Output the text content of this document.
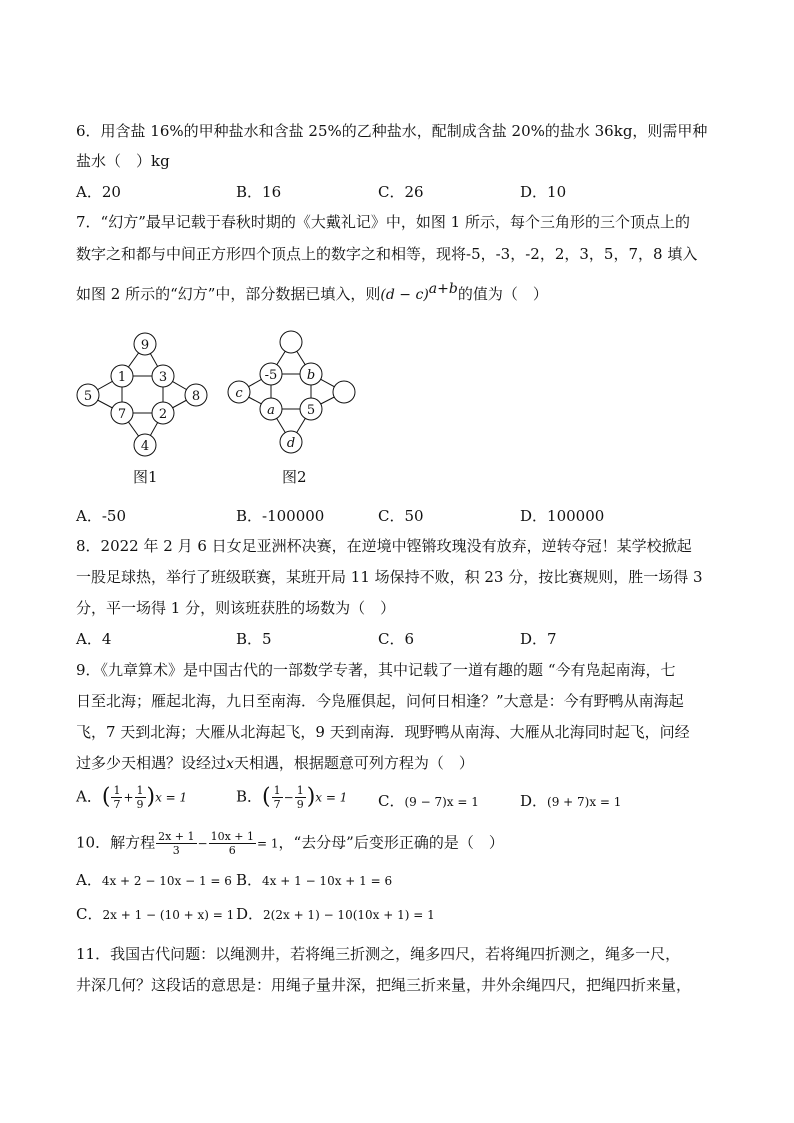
6．用含盐 16%的甲种盐水和含盐 25%的乙种盐水，配制成含盐 20%的盐水 36kg，则需甲种
盐水（　）kg
A．20	B．16	C．26	D．10
7．“幻方”最早记载于春秋时期的《大戴礼记》中，如图 1 所示，每个三角形的三个顶点上的
数字之和都与中间正方形四个顶点上的数字之和相等，现将-5，-3，-2，2，3，5，7，8 填入
如图 2 所示的“幻方”中，部分数据已填入，则$(d - c)^{a+b}$的值为（　）
9
1	3
5	8
7	2
4
-5 b
c
a 5
d
图1	图2
A．-50	B．-100000	C．50	D．100000
8．2022 年 2 月 6 日女足亚洲杯决赛，在逆境中铿锵玫瑰没有放弃，逆转夺冠！某学校掀起
一股足球热，举行了班级联赛，某班开局 11 场保持不败，积 23 分，按比赛规则，胜一场得 3
分，平一场得 1 分，则该班获胜的场数为（　）
A．4	B．5	C．6	D．7
9．《九章算术》是中国古代的一部数学专著，其中记载了一道有趣的题 “今有凫起南海，七
日至北海；雁起北海，九日至南海．今凫雁俱起，问何日相逢？”大意是：今有野鸭从南海起
飞，7 天到北海；大雁从北海起飞，9 天到南海．现野鸭从南海、大雁从北海同时起飞，问经
过多少天相遇？设经过x天相遇，根据题意可列方程为（　）
A．( $\frac{1}{7} + \frac{1}{9} )x = 1$	B．( $\frac{1}{7} - \frac{1}{9} )x = 1$ C．(9 − 7)x = 1	D．(9 + 7)x = 1
10．解方程 $\frac{2x + 1}{3} - \frac{10x + 1}{6} = 1$，“去分母”后变形正确的是（　）
A．4x + 2 − 10x − 1 = 6 B．4x + 1 − 10x + 1 = 6
C．2x + 1 − (10 + x) = 1 D．2(2x + 1) − 10(10x + 1) = 1
11．我国古代问题：以绳测井，若将绳三折测之，绳多四尺，若将绳四折测之，绳多一尺，
井深几何？这段话的意思是：用绳子量井深，把绳三折来量，井外余绳四尺，把绳四折来量，
